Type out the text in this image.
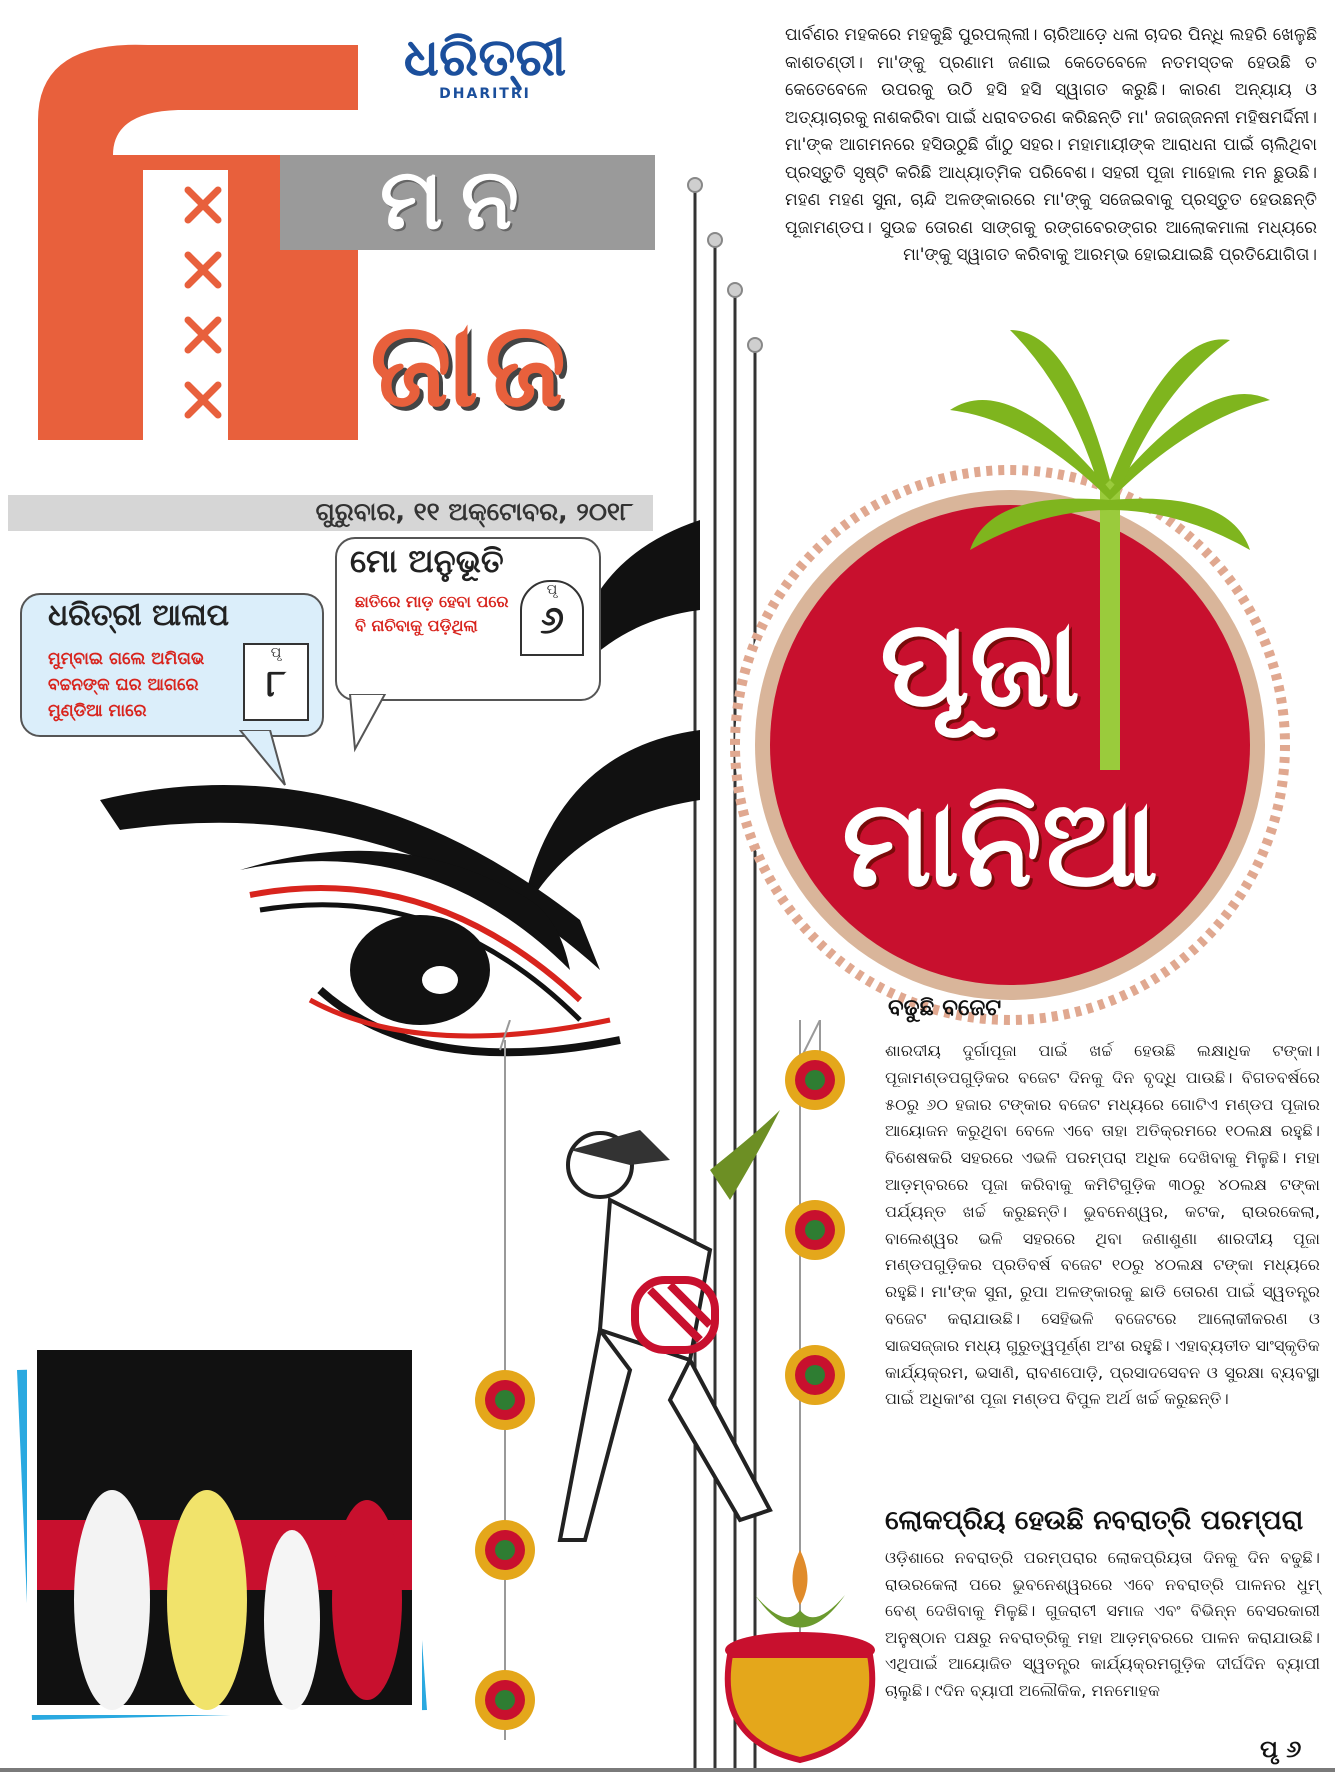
ଧରିତ୍ରୀ
DHARITRI
ମନ
ଜାଜ
ଗୁରୁବାର, ୧୧ ଅକ୍ଟୋବର, ୨୦୧୮
ଧରିତ୍ରୀ ଆଳାପ
ମୁମ୍ବାଇ ଗଲେ ଅମିତାଭ ବଚ୍ଚନଙ୍କ ଘର ଆଗରେ ମୁଣ୍ଡିଆ ମାରେ
ପୃ
୮
ମୋ ଅନୁଭୂତି
ଛାତିରେ ମାଡ଼ ହେବା ପରେ ବି ନାଚିବାକୁ ପଡ଼ିଥିଲା
ପୃ
୬
ପାର୍ବଣର ମହକରେ ମହକୁଛି ପୁରପଲ୍ଲୀ। ଚାରିଆଡ଼େ ଧଳା ଚାଦର ପିନ୍ଧି ଲହରି ଖେଳୁଛି କାଶତଣ୍ଡୀ। ମା'ଙ୍କୁ ପ୍ରଣାମ ଜଣାଇ କେତେବେଳେ ନତମସ୍ତକ ହେଉଛି ତ କେତେବେଳେ ଉପରକୁ ଉଠି ହସି ହସି ସ୍ୱାଗତ କରୁଛି। କାରଣ ଅନ୍ୟାୟ ଓ ଅତ୍ୟାଚାରକୁ ନାଶକରିବା ପାଇଁ ଧରାବତରଣ କରିଛନ୍ତି ମା' ଜଗଜ୍ଜନନୀ ମହିଷମର୍ଦ୍ଦିନୀ। ମା'ଙ୍କ ଆଗମନରେ ହସିଉଠୁଛି ଗାଁଠୁ ସହର। ମହାମାୟୀଙ୍କ ଆରାଧନା ପାଇଁ ଚାଲିଥିବା ପ୍ରସ୍ତୁତି ସୃଷ୍ଟି କରିଛି ଆଧ୍ୟାତ୍ମିକ ପରିବେଶ। ସହରୀ ପୂଜା ମାହୋଲ ମନ ଛୁଉଛି। ମହଣ ମହଣ ସୁନା, ଚାନ୍ଦି ଅଳଙ୍କାରରେ ମା'ଙ୍କୁ ସଜେଇବାକୁ ପ୍ରସ୍ତୁତ ହେଉଛନ୍ତି ପୂଜାମଣ୍ଡପ। ସୁଉଚ୍ଚ ତୋରଣ ସାଙ୍ଗକୁ ରଙ୍ଗବେରଙ୍ଗର ଆଲୋକମାଳା ମଧ୍ୟରେ ମା'ଙ୍କୁ ସ୍ୱାଗତ କରିବାକୁ ଆରମ୍ଭ ହୋଇଯାଇଛି ପ୍ରତିଯୋଗିତା।
ପୂଜା
ମାନିଆ
ବଢୁଛି ବଜେଟ
ଶାରଦୀୟ ଦୁର୍ଗାପୂଜା ପାଇଁ ଖର୍ଚ୍ଚ ହେଉଛି ଲକ୍ଷାଧିକ ଟଙ୍କା। ପୂଜାମଣ୍ଡପଗୁଡ଼ିକର ବଜେଟ ଦିନକୁ ଦିନ ବୃଦ୍ଧି ପାଉଛି। ବିଗତବର୍ଷରେ ୫୦ରୁ ୬୦ ହଜାର ଟଙ୍କାର ବଜେଟ ମଧ୍ୟରେ ଗୋଟିଏ ମଣ୍ଡପ ପୂଜାର ଆୟୋଜନ କରୁଥିବା ବେଳେ ଏବେ ତାହା ଅତିକ୍ରମରେ ୧୦ଲକ୍ଷ ରହୁଛି। ବିଶେଷକରି ସହରରେ ଏଭଳି ପରମ୍ପରା ଅଧିକ ଦେଖିବାକୁ ମିଳୁଛି। ମହା ଆଡ଼ମ୍ବରରେ ପୂଜା କରିବାକୁ କମିଟିଗୁଡ଼ିକ ୩୦ରୁ ୪୦ଲକ୍ଷ ଟଙ୍କା ପର୍ଯ୍ୟନ୍ତ ଖର୍ଚ୍ଚ କରୁଛନ୍ତି। ଭୁବନେଶ୍ୱର, କଟକ, ରାଉରକେଲା, ବାଲେଶ୍ୱର ଭଳି ସହରରେ ଥିବା ଜଣାଶୁଣା ଶାରଦୀୟ ପୂଜା ମଣ୍ଡପଗୁଡ଼ିକର ପ୍ରତିବର୍ଷ ବଜେଟ ୧୦ରୁ ୪୦ଲକ୍ଷ ଟଙ୍କା ମଧ୍ୟରେ ରହୁଛି। ମା'ଙ୍କ ସୁନା, ରୁପା ଅଳଙ୍କାରକୁ ଛାଡି ତୋରଣ ପାଇଁ ସ୍ୱତନ୍ତ୍ର ବଜେଟ କରାଯାଉଛି। ସେହିଭଳି ବଜେଟରେ ଆଲୋକୀକରଣ ଓ ସାଜସଜ୍ଜାର ମଧ୍ୟ ଗୁରୁତ୍ୱପୂର୍ଣ୍ଣ ଅଂଶ ରହୁଛି। ଏହାବ୍ୟତୀତ ସାଂସ୍କୃତିକ କାର୍ଯ୍ୟକ୍ରମ, ଭସାଣି, ରାବଣପୋଡ଼ି, ପ୍ରସାଦସେବନ ଓ ସୁରକ୍ଷା ବ୍ୟବସ୍ଥା ପାଇଁ ଅଧିକାଂଶ ପୂଜା ମଣ୍ଡପ ବିପୁଳ ଅର୍ଥ ଖର୍ଚ୍ଚ କରୁଛନ୍ତି।
ଲୋକପ୍ରିୟ ହେଉଛି ନବରାତ୍ରି ପରମ୍ପରା
ଓଡ଼ିଶାରେ ନବରାତ୍ରି ପରମ୍ପରାର ଲୋକପ୍ରିୟତା ଦିନକୁ ଦିନ ବଢୁଛି। ରାଉରକେଲା ପରେ ଭୁବନେଶ୍ୱରରେ ଏବେ ନବରାତ୍ରି ପାଳନର ଧୁମ୍ ବେଶ୍ ଦେଖିବାକୁ ମିଳୁଛି। ଗୁଜରାଟୀ ସମାଜ ଏବଂ ବିଭିନ୍ନ ବେସରକାରୀ ଅନୁଷ୍ଠାନ ପକ୍ଷରୁ ନବରାତ୍ରିକୁ ମହା ଆଡ଼ମ୍ବରରେ ପାଳନ କରାଯାଉଛି। ଏଥିପାଇଁ ଆୟୋଜିତ ସ୍ୱତନ୍ତ୍ର କାର୍ଯ୍ୟକ୍ରମଗୁଡ଼ିକ ଦୀର୍ଘଦିନ ବ୍ୟାପୀ ଚାଲୁଛି। ୯ଦିନ ବ୍ୟାପୀ ଅଲୌକିକ, ମନମୋହକ
ପୃ ୬
